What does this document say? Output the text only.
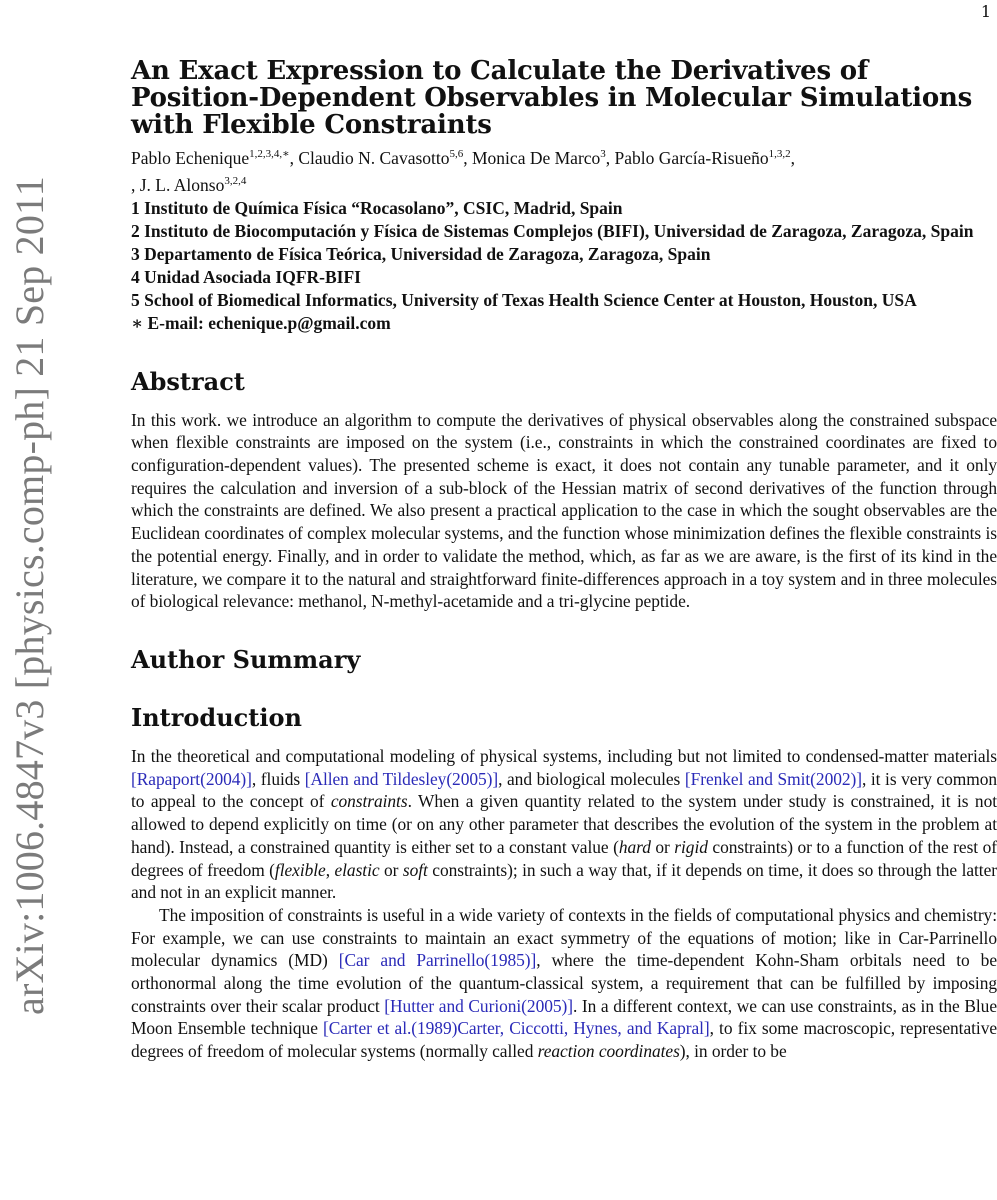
1
arXiv:1006.4847v3 [physics.comp-ph] 21 Sep 2011
An Exact Expression to Calculate the Derivatives of Position-Dependent Observables in Molecular Simulations with Flexible Constraints
Pablo Echenique$^{1,2,3,4,∗}$, Claudio N. Cavasotto$^{5,6}$, Monica De Marco$^3$, Pablo García-Risueño$^{1,3,2}$,
, J. L. Alonso$^{3,2,4}$
1 Instituto de Química Física “Rocasolano”, CSIC, Madrid, Spain
2 Instituto de Biocomputación y Física de Sistemas Complejos (BIFI), Universidad de Zaragoza, Zaragoza, Spain
3 Departamento de Física Teórica, Universidad de Zaragoza, Zaragoza, Spain
4 Unidad Asociada IQFR-BIFI
5 School of Biomedical Informatics, University of Texas Health Science Center at Houston, Houston, USA
∗ E-mail: echenique.p@gmail.com
Abstract

In this work. we introduce an algorithm to compute the derivatives of physical observables along the constrained subspace when flexible constraints are imposed on the system (i.e., constraints in which the constrained coordinates are fixed to configuration-dependent values). The presented scheme is exact, it does not contain any tunable parameter, and it only requires the calculation and inversion of a sub-block of the Hessian matrix of second derivatives of the function through which the constraints are defined. We also present a practical application to the case in which the sought observables are the Euclidean coordinates of complex molecular systems, and the function whose minimization defines the flexible constraints is the potential energy. Finally, and in order to validate the method, which, as far as we are aware, is the first of its kind in the literature, we compare it to the natural and straightforward finite-differences approach in a toy system and in three molecules of biological relevance: methanol, N-methyl-acetamide and a tri-glycine peptide.

Author Summary
Introduction

In the theoretical and computational modeling of physical systems, including but not limited to condensed-matter materials [Rapaport(2004)], fluids [Allen and Tildesley(2005)], and biological molecules [Frenkel and Smit(2002)], it is very common to appeal to the concept of constraints. When a given quantity related to the system under study is constrained, it is not allowed to depend explicitly on time (or on any other parameter that describes the evolution of the system in the problem at hand). Instead, a constrained quantity is either set to a constant value (hard or rigid constraints) or to a function of the rest of degrees of freedom (flexible, elastic or soft constraints); in such a way that, if it depends on time, it does so through the latter and not in an explicit manner.

The imposition of constraints is useful in a wide variety of contexts in the fields of computational physics and chemistry: For example, we can use constraints to maintain an exact symmetry of the equations of motion; like in Car-Parrinello molecular dynamics (MD) [Car and Parrinello(1985)], where the time-dependent Kohn-Sham orbitals need to be orthonormal along the time evolution of the quantum-classical system, a requirement that can be fulfilled by imposing constraints over their scalar product [Hutter and Curioni(2005)]. In a different context, we can use constraints, as in the Blue Moon Ensemble technique [Carter et al.(1989)Carter, Ciccotti, Hynes, and Kapral], to fix some macroscopic, representative degrees of freedom of molecular systems (normally called reaction coordinates), in order to be
